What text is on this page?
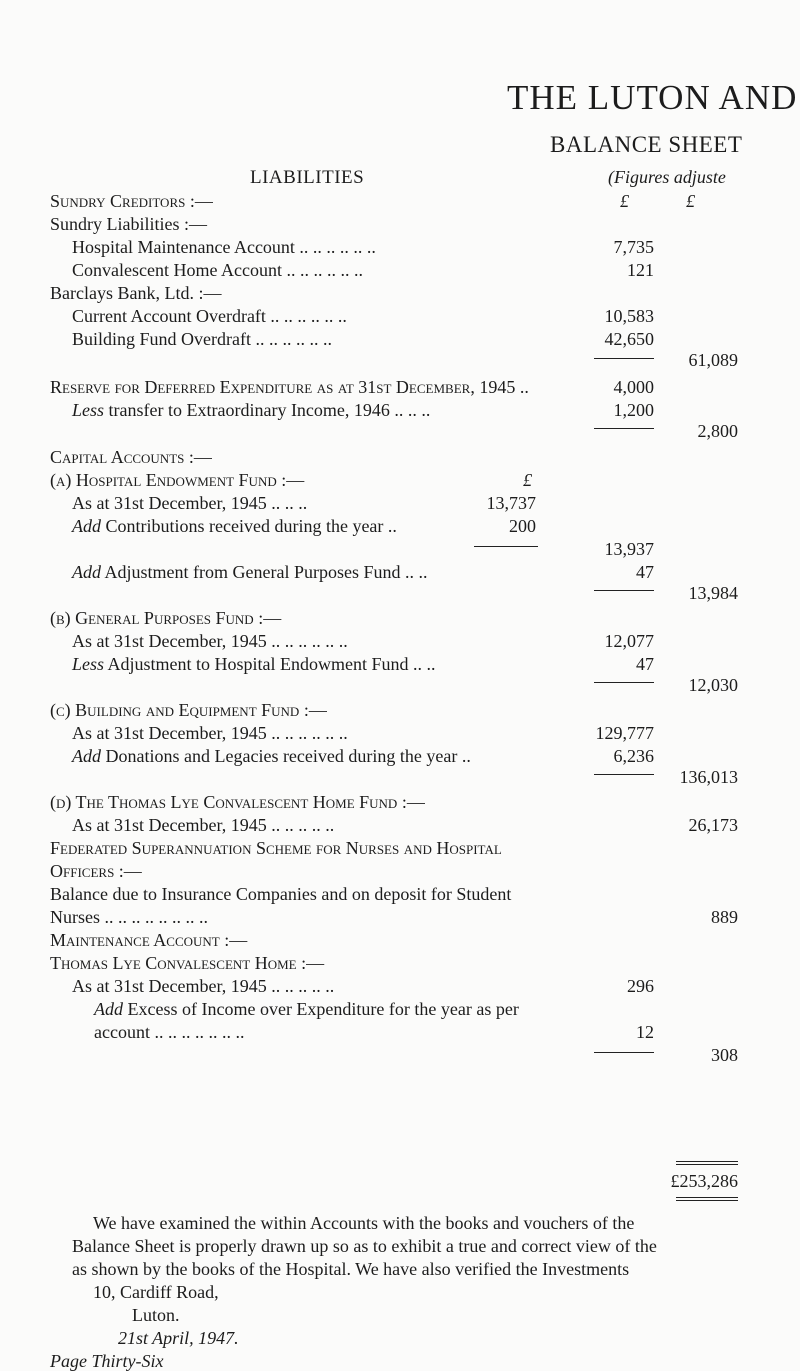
THE LUTON AND
BALANCE SHEET
LIABILITIES	(Figures adjuste
£	£
Sundry Creditors :—
Sundry Liabilities :—
Hospital Maintenance Account .. .. .. .. .. ..	7,735
Convalescent Home Account .. .. .. .. .. ..	121
Barclays Bank, Ltd. :—
Current Account Overdraft .. .. .. .. .. ..	10,583
Building Fund Overdraft .. .. .. .. .. ..	42,650
61,089
Reserve for Deferred Expenditure as at 31st December, 1945 ..	4,000
Less transfer to Extraordinary Income, 1946 .. .. ..	1,200
2,800
Capital Accounts :—
(a) Hospital Endowment Fund :—	£
As at 31st December, 1945 .. .. ..	13,737
Add Contributions received during the year ..	200
13,937
Add Adjustment from General Purposes Fund .. ..	47
13,984
(b) General Purposes Fund :—
As at 31st December, 1945 .. .. .. .. .. ..	12,077
Less Adjustment to Hospital Endowment Fund .. ..	47
12,030
(c) Building and Equipment Fund :—
As at 31st December, 1945 .. .. .. .. .. ..	129,777
Add Donations and Legacies received during the year ..	6,236
136,013
(d) The Thomas Lye Convalescent Home Fund :—
As at 31st December, 1945 .. .. .. .. ..	26,173
Federated Superannuation Scheme for Nurses and Hospital
Officers :—
Balance due to Insurance Companies and on deposit for Student
Nurses .. .. .. .. .. .. .. ..	889
Maintenance Account :—
Thomas Lye Convalescent Home :—
As at 31st December, 1945 .. .. .. .. ..	296
Add Excess of Income over Expenditure for the year as per
account .. .. .. .. .. .. ..	12
308
£253,286
We have examined the within Accounts with the books and vouchers of the
Balance Sheet is properly drawn up so as to exhibit a true and correct view of the
as shown by the books of the Hospital. We have also verified the Investments
10, Cardiff Road,
Luton.
21st April, 1947.
Page Thirty-Six
